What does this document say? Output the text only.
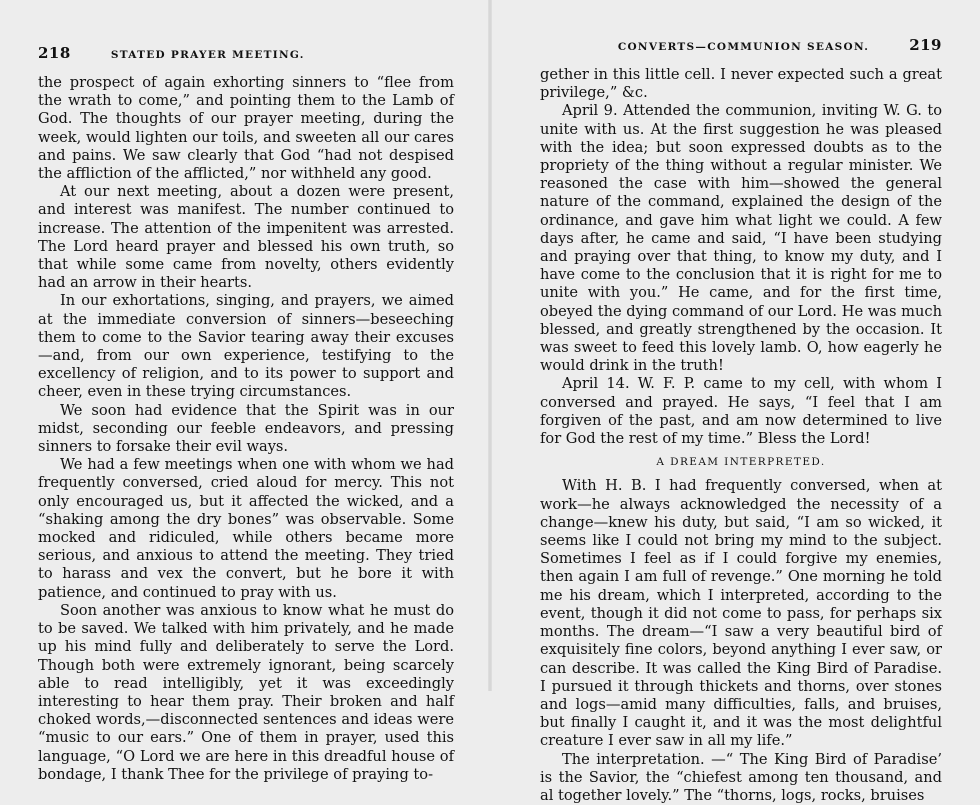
218	STATED PRAYER MEETING.

the prospect of again exhorting sinners to “flee from the wrath to come,” and pointing them to the Lamb of God. The thoughts of our prayer meeting, during the week, would lighten our toils, and sweeten all our cares and pains. We saw clearly that God “had not despised the affliction of the afflicted,” nor withheld any good.

At our next meeting, about a dozen were present, and interest was manifest. The number continued to increase. The attention of the impenitent was arrested. The Lord heard prayer and blessed his own truth, so that while some came from novelty, others evidently had an arrow in their hearts.

In our exhortations, singing, and prayers, we aimed at the immediate conversion of sinners—beseeching them to come to the Savior tearing away their excuses—and, from our own experience, testifying to the excellency of religion, and to its power to support and cheer, even in these trying circumstances.

We soon had evidence that the Spirit was in our midst, seconding our feeble endeavors, and pressing sinners to forsake their evil ways.

We had a few meetings when one with whom we had frequently conversed, cried aloud for mercy. This not only encouraged us, but it affected the wicked, and a “shaking among the dry bones” was observable. Some mocked and ridiculed, while others became more serious, and anxious to attend the meeting. They tried to harass and vex the convert, but he bore it with patience, and continued to pray with us.

Soon another was anxious to know what he must do to be saved. We talked with him privately, and he made up his mind fully and deliberately to serve the Lord. Though both were extremely ignorant, being scarcely able to read intelligibly, yet it was exceedingly interesting to hear them pray. Their broken and half choked words,—disconnected sentences and ideas were “music to our ears.” One of them in prayer, used this language, “O Lord we are here in this dreadful house of bondage, I thank Thee for the privilege of praying to-

CONVERTS—COMMUNION SEASON.	219

gether in this little cell. I never expected such a great privilege,” &c.

April 9. Attended the communion, inviting W. G. to unite with us. At the first suggestion he was pleased with the idea; but soon expressed doubts as to the propriety of the thing without a regular minister. We reasoned the case with him—showed the general nature of the command, explained the design of the ordinance, and gave him what light we could. A few days after, he came and said, “I have been studying and praying over that thing, to know my duty, and I have come to the conclusion that it is right for me to unite with you.” He came, and for the first time, obeyed the dying command of our Lord. He was much blessed, and greatly strengthened by the occasion. It was sweet to feed this lovely lamb. O, how eagerly he would drink in the truth!

April 14. W. F. P. came to my cell, with whom I conversed and prayed. He says, “I feel that I am forgiven of the past, and am now determined to live for God the rest of my time.” Bless the Lord!

A DREAM INTERPRETED.

With H. B. I had frequently conversed, when at work—he always acknowledged the necessity of a change—knew his duty, but said, “I am so wicked, it seems like I could not bring my mind to the subject. Sometimes I feel as if I could forgive my enemies, then again I am full of revenge.” One morning he told me his dream, which I interpreted, according to the event, though it did not come to pass, for perhaps six months. The dream—“I saw a very beautiful bird of exquisitely fine colors, beyond anything I ever saw, or can describe. It was called the King Bird of Paradise. I pursued it through thickets and thorns, over stones and logs—amid many difficulties, falls, and bruises, but finally I caught it, and it was the most delightful creature I ever saw in all my life.”

The interpretation. —“ The King Bird of Paradise’ is the Savior, the “chiefest among ten thousand, and al together lovely.” The “thorns, logs, rocks, bruises
